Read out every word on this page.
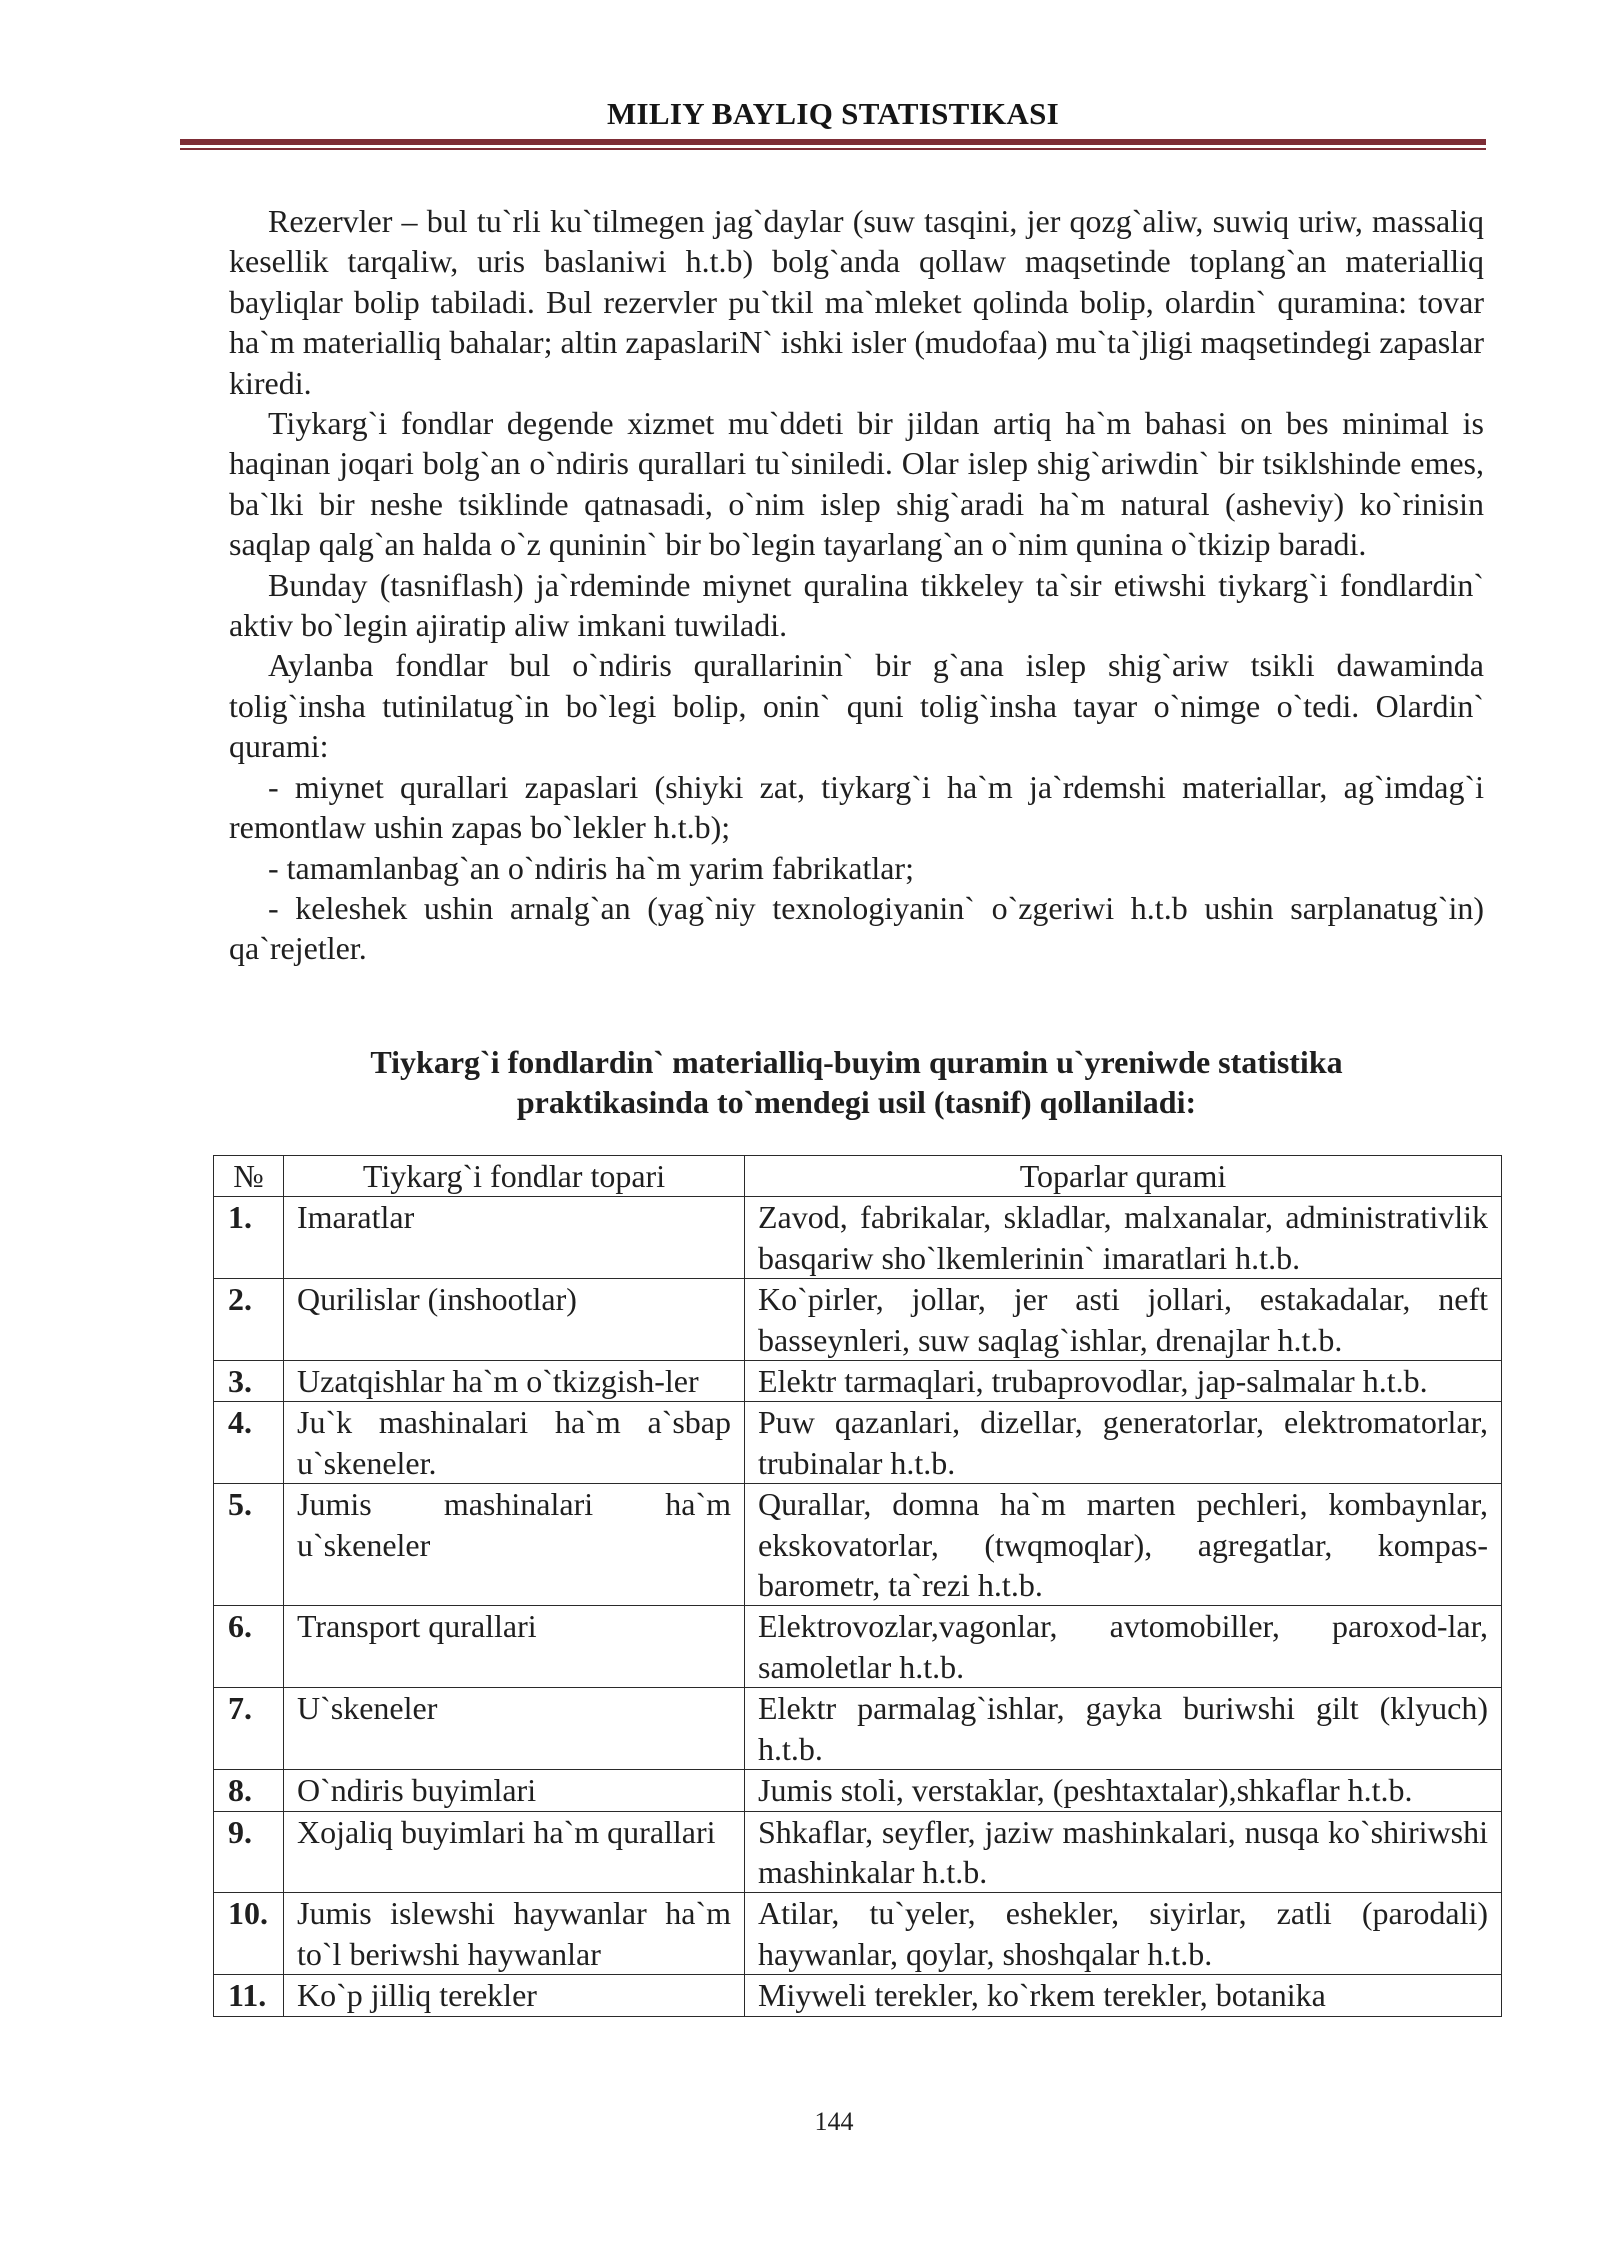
MILIY BAYLIQ STATISTIKASI

Rezervler – bul tu`rli ku`tilmegen jag`daylar (suw tasqini, jer qozg`aliw, suwiq uriw, massaliq kesellik tarqaliw, uris baslaniwi h.t.b) bolg`anda qollaw maqsetinde toplang`an materialliq bayliqlar bolip tabiladi. Bul rezervler pu`tkil ma`mleket qolinda bolip, olardin` quramina: tovar ha`m materialliq bahalar; altin zapaslariN` ishki isler (mudofaa) mu`ta`jligi maqsetindegi zapaslar kiredi.

Tiykarg`i fondlar degende xizmet mu`ddeti bir jildan artiq ha`m bahasi on bes minimal is haqinan joqari bolg`an o`ndiris qurallari tu`siniledi. Olar islep shig`ariwdin` bir tsiklshinde emes, ba`lki bir neshe tsiklinde qatnasadi, o`nim islep shig`aradi ha`m natural (asheviy) ko`rinisin saqlap qalg`an halda o`z quninin` bir bo`legin tayarlang`an o`nim qunina o`tkizip baradi.

Bunday (tasniflash) ja`rdeminde miynet quralina tikkeley ta`sir etiwshi tiykarg`i fondlardin` aktiv bo`legin ajiratip aliw imkani tuwiladi.

Aylanba fondlar bul o`ndiris qurallarinin` bir g`ana islep shig`ariw tsikli dawaminda tolig`insha tutinilatug`in bo`legi bolip, onin` quni tolig`insha tayar o`nimge o`tedi. Olardin` qurami:

- miynet qurallari zapaslari (shiyki zat, tiykarg`i ha`m ja`rdemshi materiallar, ag`imdag`i remontlaw ushin zapas bo`lekler h.t.b);

- tamamlanbag`an o`ndiris ha`m yarim fabrikatlar;

- keleshek ushin arnalg`an (yag`niy texnologiyanin` o`zgeriwi h.t.b ushin sarplanatug`in) qa`rejetler.

Tiykarg`i fondlardin` materialliq-buyim quramin u`yreniwde statistika
praktikasinda to`mendegi usil (tasnif) qollaniladi:
№	Tiykarg`i fondlar topari	Toparlar qurami
1.	Imaratlar	Zavod, fabrikalar, skladlar, malxanalar, administrativlik basqariw sho`lkemlerinin` imaratlari h.t.b.
2.	Qurilislar (inshootlar)	Ko`pirler, jollar, jer asti jollari, estakadalar, neft basseynleri, suw saqlag`ishlar, drenajlar h.t.b.
3.	Uzatqishlar ha`m o`tkizgish-ler	Elektr tarmaqlari, trubaprovodlar, jap-salmalar h.t.b.
4.	Ju`k mashinalari ha`m a`sbap u`skeneler.	Puw qazanlari, dizellar, generatorlar, elektromatorlar, trubinalar h.t.b.
5.	Jumis mashinalari ha`m u`skeneler	Qurallar, domna ha`m marten pechleri, kombaynlar, ekskovatorlar, (twqmoqlar), agregatlar, kompas-barometr, ta`rezi h.t.b.
6.	Transport qurallari	Elektrovozlar,vagonlar, avtomobiller, paroxod-lar, samoletlar h.t.b.
7.	U`skeneler	Elektr parmalag`ishlar, gayka buriwshi gilt (klyuch) h.t.b.
8.	O`ndiris buyimlari	Jumis stoli, verstaklar, (peshtaxtalar),shkaflar h.t.b.
9.	Xojaliq buyimlari ha`m qurallari	Shkaflar, seyfler, jaziw mashinkalari, nusqa ko`shiriwshi mashinkalar h.t.b.
10.	Jumis islewshi haywanlar ha`m to`l beriwshi haywanlar	Atilar, tu`yeler, eshekler, siyirlar, zatli (parodali) haywanlar, qoylar, shoshqalar h.t.b.
11.	Ko`p jilliq terekler	Miyweli terekler, ko`rkem terekler, botanika
144
